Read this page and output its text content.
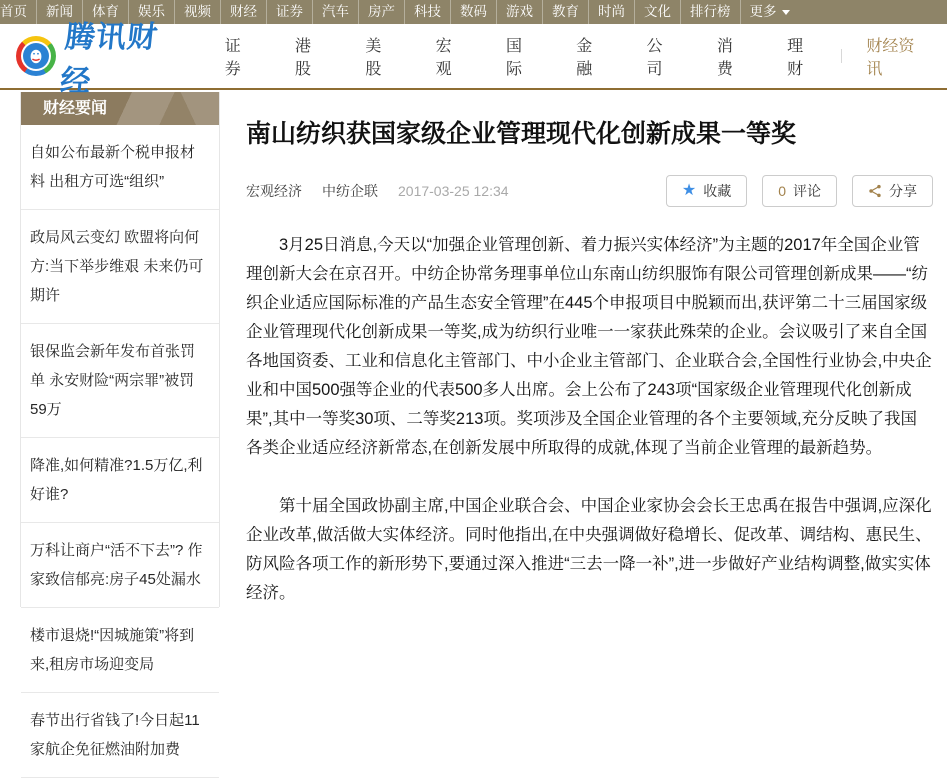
首页	新闻	体育	娱乐	视频	财经	证券	汽车	房产	科技	数码	游戏	教育	时尚	文化	排行榜	更多
腾讯财经
证券
港股
美股
宏观
国际
金融
公司
消费
理财
财经资讯
财经要闻
自如公布最新个税申报材料 出租方可选“组织”
政局风云变幻 欧盟将向何方:当下举步维艰 未来仍可期许
银保监会新年发布首张罚单 永安财险“两宗罪”被罚59万
降准,如何精准?1.5万亿,利好谁?
万科让商户“活不下去”? 作家致信郁亮:房子45处漏水
楼市退烧!“因城施策”将到来,租房市场迎变局
春节出行省钱了!今日起11家航企免征燃油附加费
南山纺织获国家级企业管理现代化创新成果一等奖
宏观经济 中纺企联 2017-03-25 12:34	★ 收藏	0 评论	分享

3月25日消息,今天以“加强企业管理创新、着力振兴实体经济”为主题的2017年全国企业管理创新大会在京召开。中纺企协常务理事单位山东南山纺织服饰有限公司管理创新成果——“纺织企业适应国际标准的产品生态安全管理”在445个申报项目中脱颖而出,获评第二十三届国家级企业管理现代化创新成果一等奖,成为纺织行业唯一一家获此殊荣的企业。会议吸引了来自全国各地国资委、工业和信息化主管部门、中小企业主管部门、企业联合会,全国性行业协会,中央企业和中国500强等企业的代表500多人出席。会上公布了243项“国家级企业管理现代化创新成果”,其中一等奖30项、二等奖213项。奖项涉及全国企业管理的各个主要领域,充分反映了我国各类企业适应经济新常态,在创新发展中所取得的成就,体现了当前企业管理的最新趋势。

第十届全国政协副主席,中国企业联合会、中国企业家协会会长王忠禹在报告中强调,应深化企业改革,做活做大实体经济。同时他指出,在中央强调做好稳增长、促改革、调结构、惠民生、防风险各项工作的新形势下,要通过深入推进“三去一降一补”,进一步做好产业结构调整,做实实体经济。
